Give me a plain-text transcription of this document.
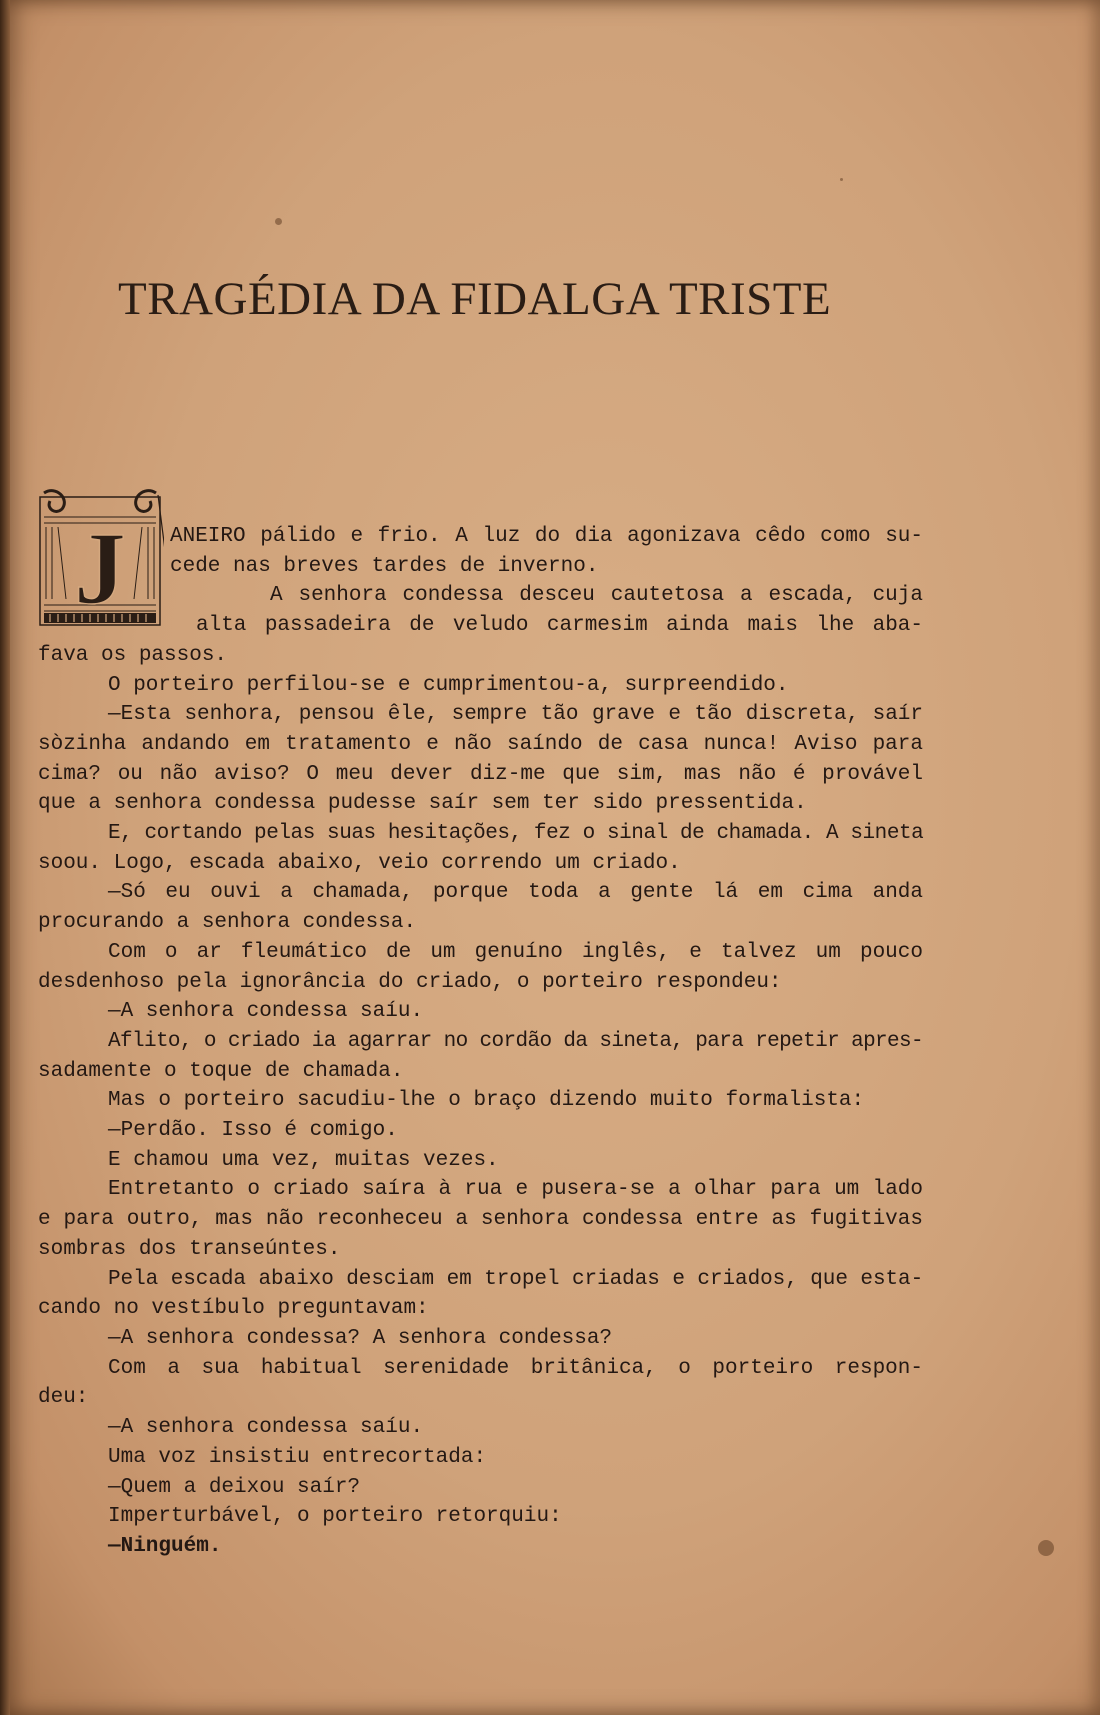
TRAGÉDIA DA FIDALGA TRISTE
J	ANEIRO pálido e frio. A luz do dia agonizava cêdo como su-
cede nas breves tardes de inverno.
A senhora condessa desceu cautetosa a escada, cuja
alta passadeira de veludo carmesim ainda mais lhe aba-
fava os passos.
O porteiro perfilou-se e cumprimentou-a, surpreendido.
—Esta senhora, pensou êle, sempre tão grave e tão discreta, saír
sòzinha andando em tratamento e não saíndo de casa nunca! Aviso para
cima? ou não aviso? O meu dever diz-me que sim, mas não é provável
que a senhora condessa pudesse saír sem ter sido pressentida.
E, cortando pelas suas hesitações, fez o sinal de chamada. A sineta
soou. Logo, escada abaixo, veio correndo um criado.
—Só eu ouvi a chamada, porque toda a gente lá em cima anda
procurando a senhora condessa.
Com o ar fleumático de um genuíno inglês, e talvez um pouco
desdenhoso pela ignorância do criado, o porteiro respondeu:
—A senhora condessa saíu.
Aflito, o criado ia agarrar no cordão da sineta, para repetir apres-
sadamente o toque de chamada.
Mas o porteiro sacudiu-lhe o braço dizendo muito formalista:
—Perdão. Isso é comigo.
E chamou uma vez, muitas vezes.
Entretanto o criado saíra à rua e pusera-se a olhar para um lado
e para outro, mas não reconheceu a senhora condessa entre as fugitivas
sombras dos transeúntes.
Pela escada abaixo desciam em tropel criadas e criados, que esta-
cando no vestíbulo preguntavam:
—A senhora condessa? A senhora condessa?
Com a sua habitual serenidade britânica, o porteiro respon-
deu:
—A senhora condessa saíu.
Uma voz insistiu entrecortada:
—Quem a deixou saír?
Imperturbável, o porteiro retorquiu:
—Ninguém.
